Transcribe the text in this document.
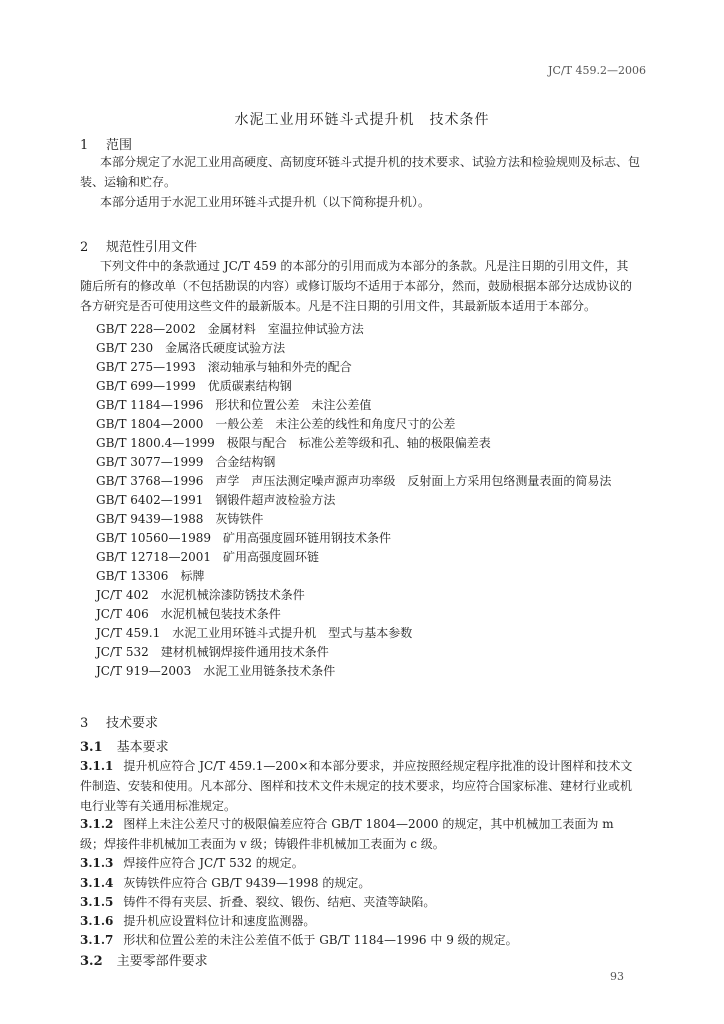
JC/T 459.2—2006
水泥工业用环链斗式提升机　技术条件
1 范围
本部分规定了水泥工业用高硬度、高韧度环链斗式提升机的技术要求、试验方法和检验规则及标志、包装、运输和贮存。
本部分适用于水泥工业用环链斗式提升机（以下简称提升机）。
2 规范性引用文件
下列文件中的条款通过 JC/T 459 的本部分的引用而成为本部分的条款。凡是注日期的引用文件，其随后所有的修改单（不包括勘误的内容）或修订版均不适用于本部分，然而，鼓励根据本部分达成协议的各方研究是否可使用这些文件的最新版本。凡是不注日期的引用文件，其最新版本适用于本部分。
GB/T 228—2002 金属材料　室温拉伸试验方法
GB/T 230 金属洛氏硬度试验方法
GB/T 275—1993 滚动轴承与轴和外壳的配合
GB/T 699—1999 优质碳素结构钢
GB/T 1184—1996 形状和位置公差　未注公差值
GB/T 1804—2000 一般公差　未注公差的线性和角度尺寸的公差
GB/T 1800.4—1999 极限与配合　标准公差等级和孔、轴的极限偏差表
GB/T 3077—1999 合金结构钢
GB/T 3768—1996 声学　声压法测定噪声源声功率级　反射面上方采用包络测量表面的简易法
GB/T 6402—1991 钢锻件超声波检验方法
GB/T 9439—1988 灰铸铁件
GB/T 10560—1989 矿用高强度圆环链用钢技术条件
GB/T 12718—2001 矿用高强度圆环链
GB/T 13306 标牌
JC/T 402 水泥机械涂漆防锈技术条件
JC/T 406 水泥机械包装技术条件
JC/T 459.1 水泥工业用环链斗式提升机　型式与基本参数
JC/T 532 建材机械钢焊接件通用技术条件
JC/T 919—2003 水泥工业用链条技术条件
3 技术要求
3.1 基本要求
3.1.1 提升机应符合 JC/T 459.1—200×和本部分要求，并应按照经规定程序批准的设计图样和技术文件制造、安装和使用。凡本部分、图样和技术文件未规定的技术要求，均应符合国家标准、建材行业或机电行业等有关通用标准规定。
3.1.2 图样上未注公差尺寸的极限偏差应符合 GB/T 1804—2000 的规定，其中机械加工表面为 m 级；焊接件非机械加工表面为 v 级；铸锻件非机械加工表面为 c 级。
3.1.3 焊接件应符合 JC/T 532 的规定。
3.1.4 灰铸铁件应符合 GB/T 9439—1998 的规定。
3.1.5 铸件不得有夹层、折叠、裂纹、锻伤、结疤、夹渣等缺陷。
3.1.6 提升机应设置料位计和速度监测器。
3.1.7 形状和位置公差的未注公差值不低于 GB/T 1184—1996 中 9 级的规定。
3.2 主要零部件要求
93
